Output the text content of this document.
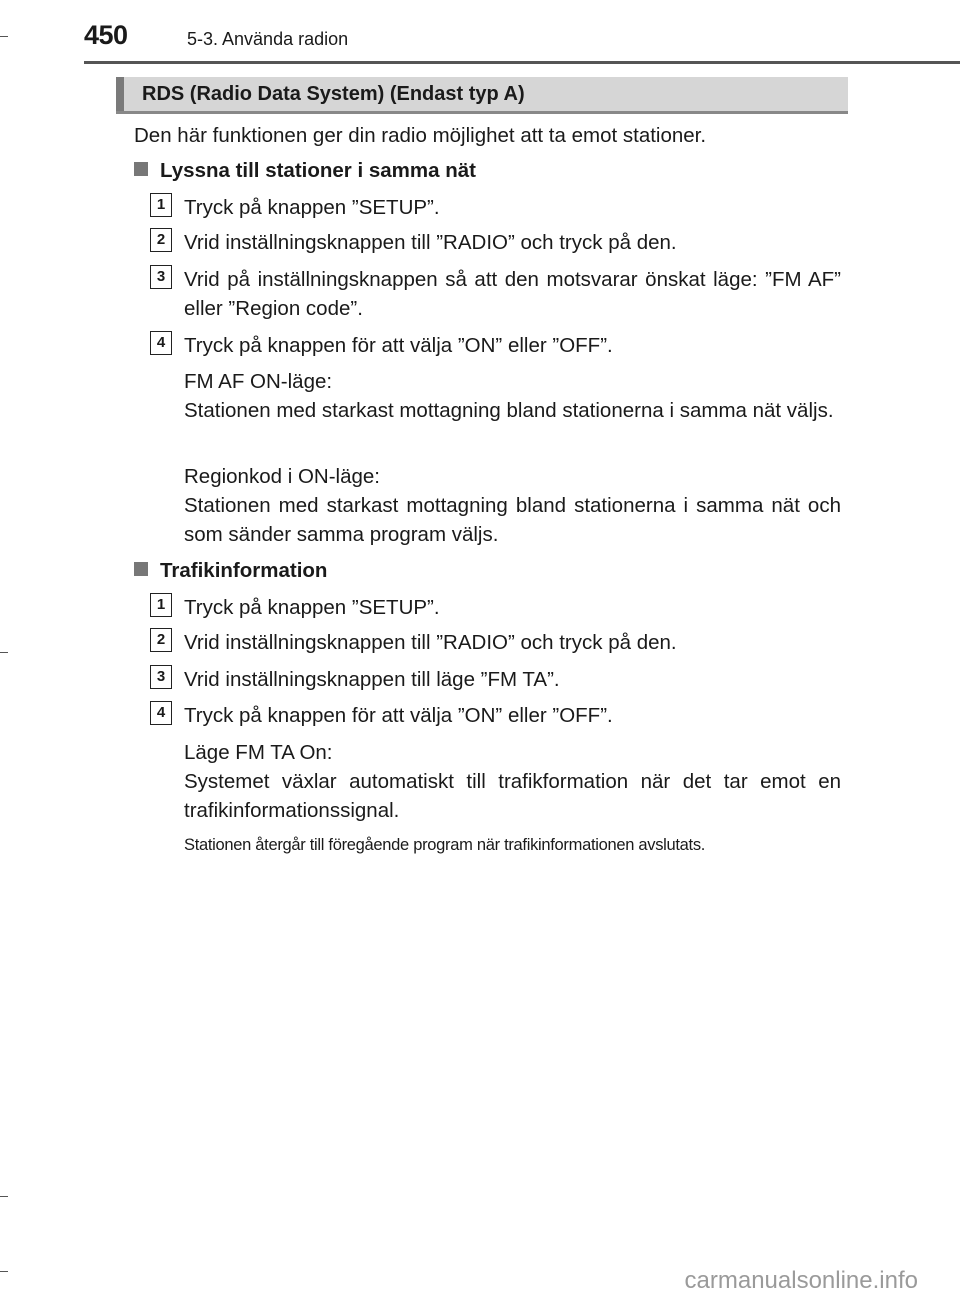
450	5-3. Använda radion
RDS (Radio Data System) (Endast typ A)
Den här funktionen ger din radio möjlighet att ta emot stationer.
Lyssna till stationer i samma nät
1 Tryck på knappen ”SETUP”.
2 Vrid inställningsknappen till ”RADIO” och tryck på den.
3 Vrid på inställningsknappen så att den motsvarar önskat läge: ”FM AF” eller ”Region code”.
4 Tryck på knappen för att välja ”ON” eller ”OFF”.
FM AF ON-läge:
Stationen med starkast mottagning bland stationerna i samma nät väljs.
Regionkod i ON-läge:
Stationen med starkast mottagning bland stationerna i samma nät och som sänder samma program väljs.
Trafikinformation
1 Tryck på knappen ”SETUP”.
2 Vrid inställningsknappen till ”RADIO” och tryck på den.
3 Vrid inställningsknappen till läge ”FM TA”.
4 Tryck på knappen för att välja ”ON” eller ”OFF”.
Läge FM TA On:
Systemet växlar automatiskt till trafikformation när det tar emot en trafikinformationssignal.
Stationen återgår till föregående program när trafikinformationen avslutats.
carmanualsonline.info
